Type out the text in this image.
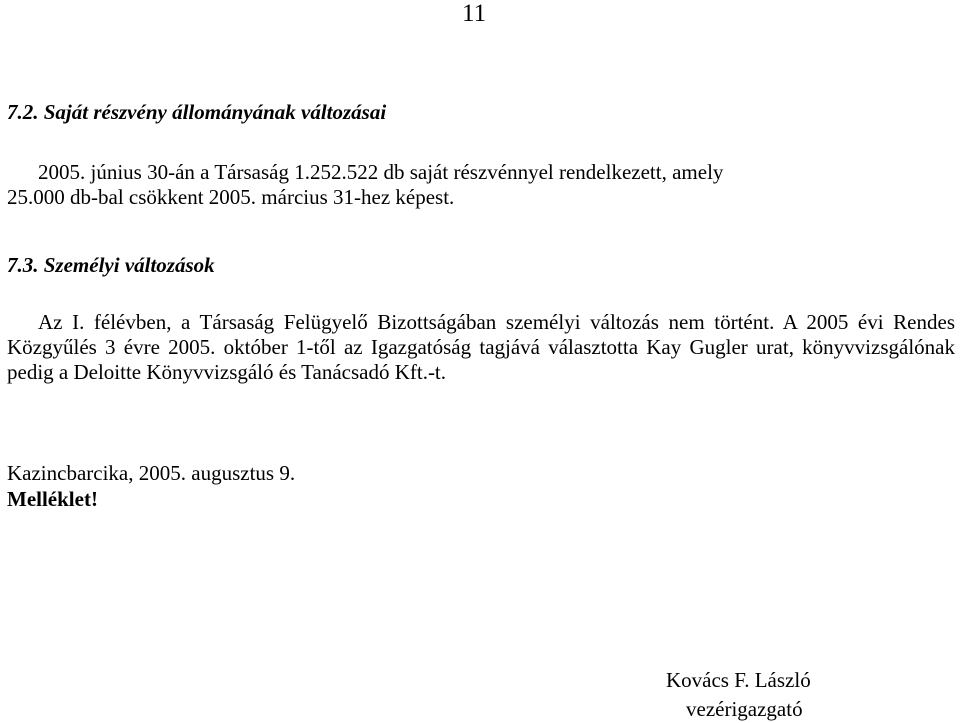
11
7.2. Saját részvény állományának változásai
2005. június 30-án a Társaság 1.252.522 db saját részvénnyel rendelkezett, amely
25.000 db-bal csökkent 2005. március 31-hez képest.
7.3. Személyi változások
Az I. félévben, a Társaság Felügyelő Bizottságában személyi változás nem történt. A 2005 évi Rendes Közgyűlés 3 évre 2005. október 1-től az Igazgatóság tagjává választotta Kay Gugler urat, könyvvizsgálónak pedig a Deloitte Könyvvizsgáló és Tanácsadó Kft.-t.
Kazincbarcika, 2005. augusztus 9.
Melléklet!
Kovács F. László
vezérigazgató
